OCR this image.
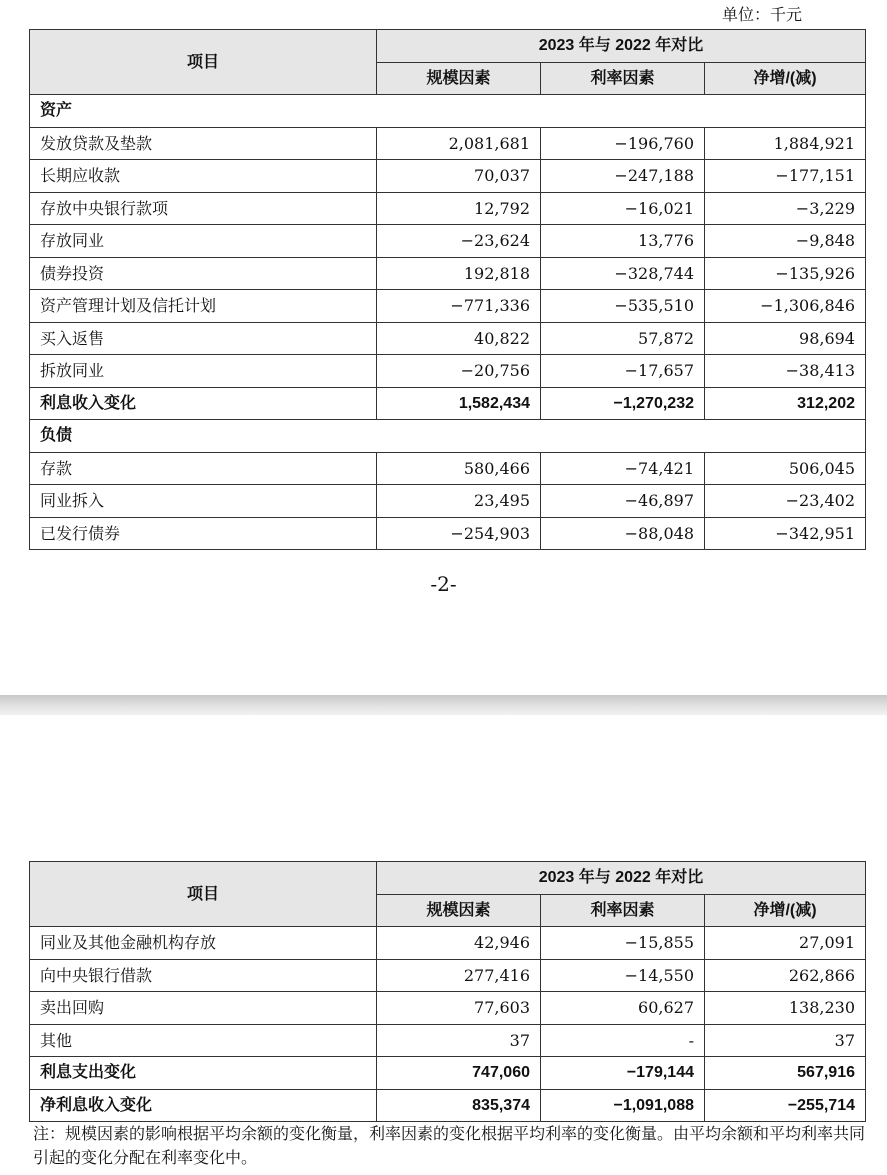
单位：千元
项目	2023 年与 2022 年对比		
	规模因素	利率因素	净增/(减)
资产			
发放贷款及垫款	2,081,681	−196,760	1,884,921
长期应收款	70,037	−247,188	−177,151
存放中央银行款项	12,792	−16,021	−3,229
存放同业	−23,624	13,776	−9,848
债券投资	192,818	−328,744	−135,926
资产管理计划及信托计划	−771,336	−535,510	−1,306,846
买入返售	40,822	57,872	98,694
拆放同业	−20,756	−17,657	−38,413
利息收入变化	1,582,434	−1,270,232	312,202
负债			
存款	580,466	−74,421	506,045
同业拆入	23,495	−46,897	−23,402
已发行债券	−254,903	−88,048	−342,951
-2-
项目	2023 年与 2022 年对比		
	规模因素	利率因素	净增/(减)
同业及其他金融机构存放	42,946	−15,855	27,091
向中央银行借款	277,416	−14,550	262,866
卖出回购	77,603	60,627	138,230
其他	37	-	37
利息支出变化	747,060	−179,144	567,916
净利息收入变化	835,374	−1,091,088	−255,714
注：规模因素的影响根据平均余额的变化衡量，利率因素的变化根据平均利率的变化衡量。由平均余额和平均利率共同引起的变化分配在利率变化中。
